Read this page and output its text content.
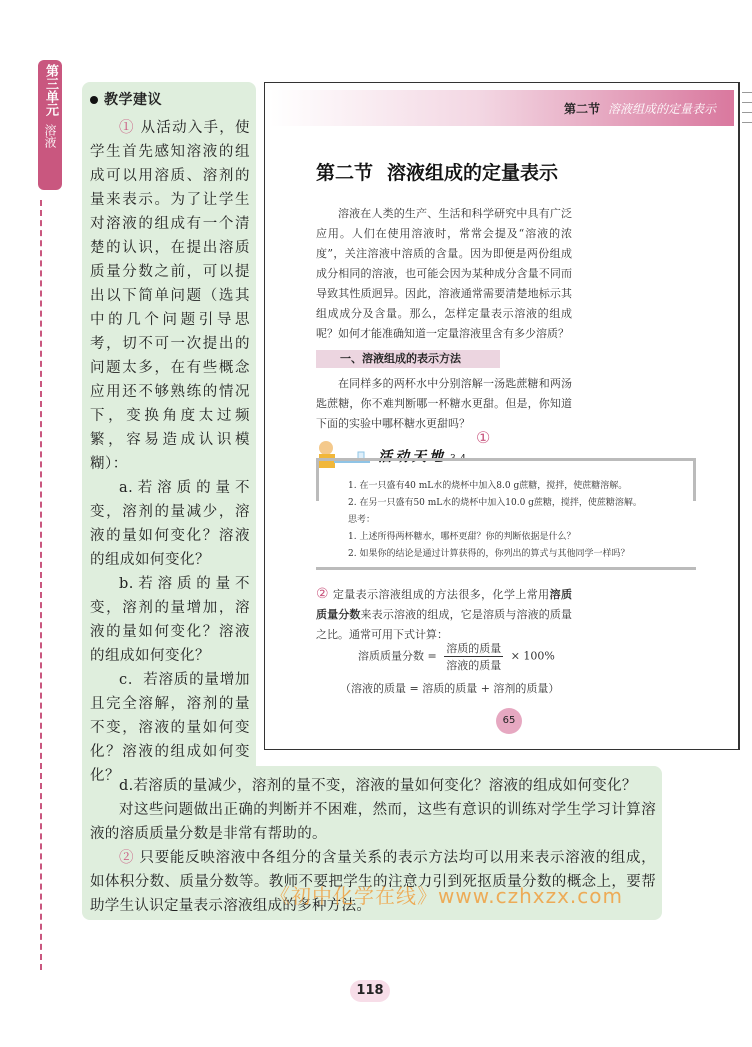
第三单元
溶液
教学建议

① 从活动入手，使学生首先感知溶液的组成可以用溶质、溶剂的量来表示。为了让学生对溶液的组成有一个清楚的认识，在提出溶质质量分数之前，可以提出以下简单问题（选其中的几个问题引导思考，切不可一次提出的问题太多，在有些概念应用还不够熟练的情况下，变换角度太过频繁，容易造成认识模糊）：

a.若溶质的量不变，溶剂的量减少，溶液的量如何变化？溶液的组成如何变化？

b.若溶质的量不变，溶剂的量增加，溶液的量如何变化？溶液的组成如何变化？

c．若溶质的量增加且完全溶解，溶剂的量不变，溶液的量如何变化？溶液的组成如何变化？

d.若溶质的量减少，溶剂的量不变，溶液的量如何变化？溶液的组成如何变化？

对这些问题做出正确的判断并不困难，然而，这些有意识的训练对学生学习计算溶液的溶质质量分数是非常有帮助的。

② 只要能反映溶液中各组分的含量关系的表示方法均可以用来表示溶液的组成，如体积分数、质量分数等。教师不要把学生的注意力引到死抠质量分数的概念上，要帮助学生认识定量表示溶液组成的多种方法。

第二节 溶液组成的定量表示
第二节 溶液组成的定量表示
溶液在人类的生产、生活和科学研究中具有广泛应用。人们在使用溶液时，常常会提及“溶液的浓度”，关注溶液中溶质的含量。因为即便是两份组成成分相同的溶液，也可能会因为某种成分含量不同而导致其性质迥异。因此，溶液通常需要清楚地标示其组成成分及含量。那么，怎样定量表示溶液的组成呢？如何才能准确知道一定量溶液里含有多少溶质？
一、溶液组成的表示方法
在同样多的两杯水中分别溶解一汤匙蔗糖和两汤匙蔗糖，你不难判断哪一杯糖水更甜。但是，你知道下面的实验中哪杯糖水更甜吗？
活动天地 3–4
①
1. 在一只盛有40 mL水的烧杯中加入8.0 g蔗糖，搅拌，使蔗糖溶解。
2. 在另一只盛有50 mL水的烧杯中加入10.0 g蔗糖，搅拌，使蔗糖溶解。
思考：
1. 上述所得两杯糖水，哪杯更甜？你的判断依据是什么？
2. 如果你的结论是通过计算获得的，你列出的算式与其他同学一样吗？
② 定量表示溶液组成的方法很多，化学上常用溶质质量分数来表示溶液的组成，它是溶质与溶液的质量之比。通常可用下式计算：
溶质质量分数 = $\frac{\text{溶质的质量}}{\text{溶液的质量}} \times 100\%$
（溶液的质量 = 溶质的质量 + 溶剂的质量）
65
《初中化学在线》www.czhxzx.com
118
